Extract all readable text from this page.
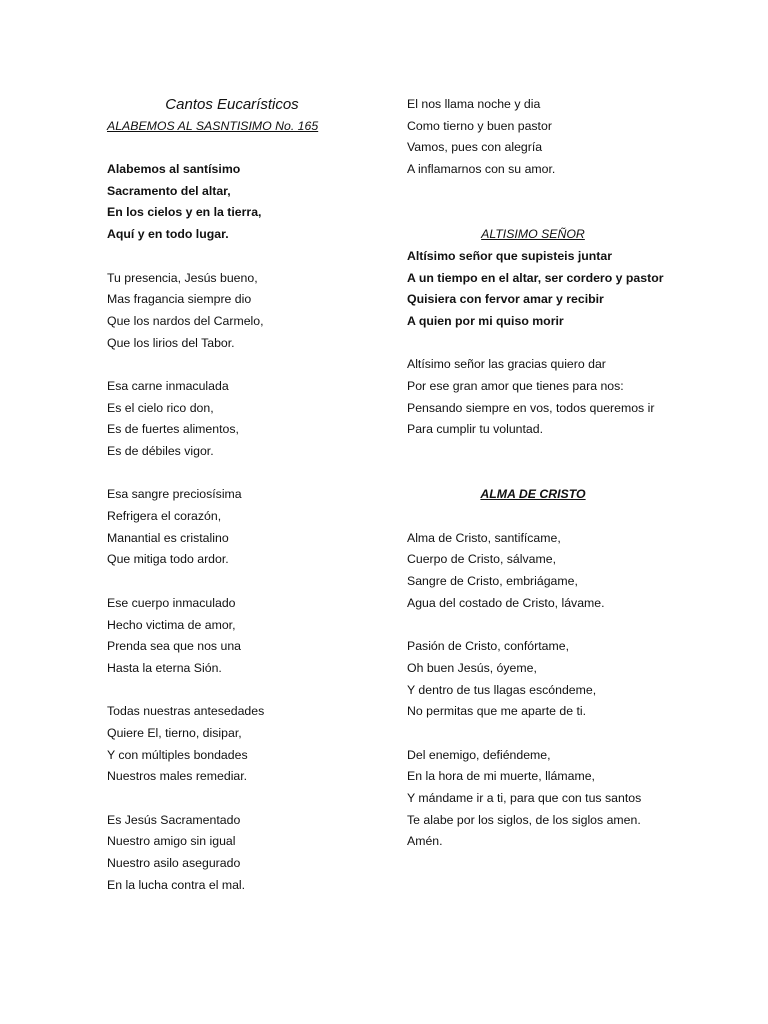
Cantos Eucarísticos
ALABEMOS AL SASNTISIMO No. 165
Alabemos al santísimo
Sacramento del altar,
En los cielos y en la tierra,
Aquí y en todo lugar.
Tu presencia, Jesús bueno,
Mas fragancia siempre dio
Que los nardos del Carmelo,
Que los lirios del Tabor.
Esa carne inmaculada
Es el cielo rico don,
Es de fuertes alimentos,
Es de débiles vigor.
Esa sangre preciosísima
Refrigera el corazón,
Manantial es cristalino
Que mitiga todo ardor.
Ese cuerpo inmaculado
Hecho victima de amor,
Prenda sea que nos una
Hasta la eterna Sión.
Todas nuestras antesedades
Quiere El, tierno, disipar,
Y con múltiples bondades
Nuestros males remediar.
Es Jesús Sacramentado
Nuestro amigo sin igual
Nuestro asilo asegurado
En la lucha contra el mal.
El nos llama noche y dia
Como tierno y buen pastor
Vamos, pues con alegría
A inflamarnos con su amor.
ALTISIMO SEÑOR
Altísimo señor que supisteis juntar
A un tiempo en el altar, ser cordero y pastor
Quisiera con fervor amar y recibir
A quien por mi quiso morir
Altísimo señor las gracias quiero dar
Por ese gran amor que tienes para nos:
Pensando siempre en vos, todos queremos ir
Para cumplir tu voluntad.
ALMA DE CRISTO
Alma de Cristo, santifícame,
Cuerpo de Cristo, sálvame,
Sangre de Cristo, embriágame,
Agua del costado de Cristo, lávame.
Pasión de Cristo, confórtame,
Oh buen Jesús, óyeme,
Y dentro de tus llagas escóndeme,
No permitas que me aparte de ti.
Del enemigo, defiéndeme,
En la hora de mi muerte, llámame,
Y mándame ir a ti, para que con tus santos
Te alabe por los siglos, de los siglos amen.
Amén.
